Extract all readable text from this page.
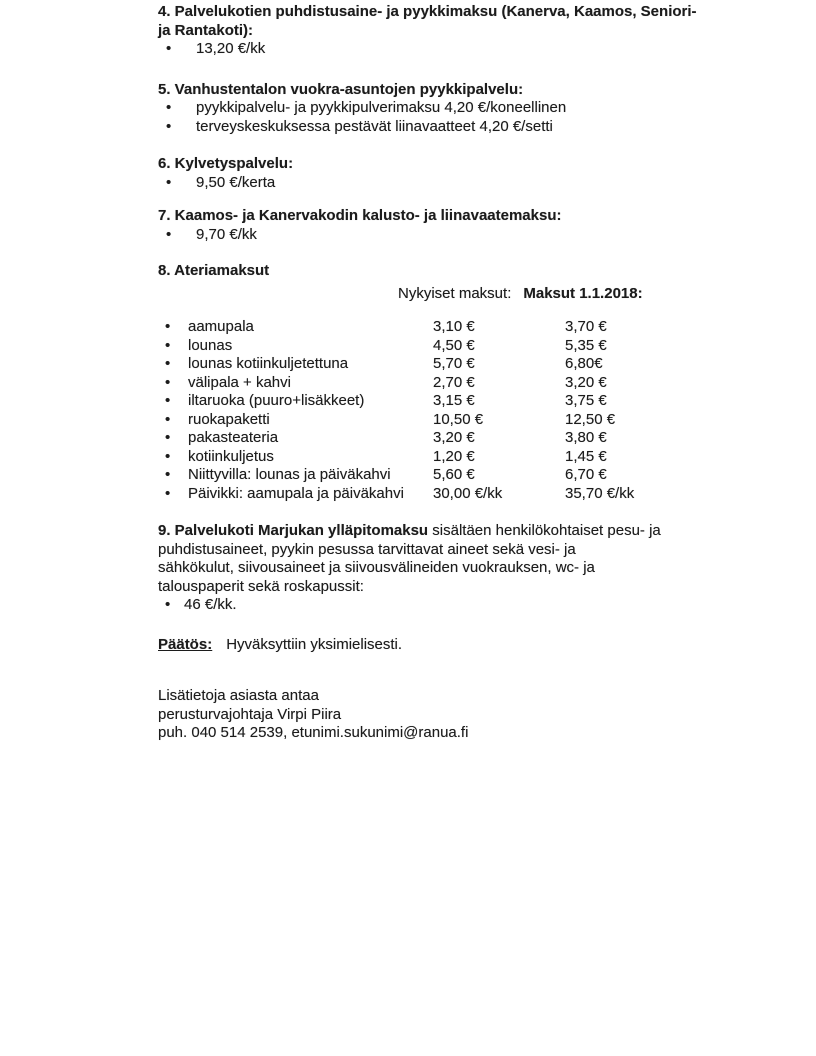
4. Palvelukotien puhdistusaine- ja pyykkimaksu (Kanerva, Kaamos, Seniori-
ja Rantakoti):
•	13,20 €/kk
5. Vanhustentalon vuokra-asuntojen pyykkipalvelu:
•	pyykkipalvelu- ja pyykkipulverimaksu 4,20 €/koneellinen
•	terveyskeskuksessa pestävät liinavaatteet 4,20 €/setti
6. Kylvetyspalvelu:
•	9,50 €/kerta
7. Kaamos- ja Kanervakodin kalusto- ja liinavaatemaksu:
•	9,70 €/kk
8. Ateriamaksut
Nykyiset maksut: Maksut 1.1.2018:
•	aamupala	3,10 €	3,70 €
•	lounas	4,50 €	5,35 €
•	lounas kotiinkuljetettuna	5,70 €	6,80€
•	välipala + kahvi	2,70 €	3,20 €
•	iltaruoka (puuro+lisäkkeet)	3,15 €	3,75 €
•	ruokapaketti	10,50 €	12,50 €
•	pakasteateria	3,20 €	3,80 €
•	kotiinkuljetus	1,20 €	1,45 €
•	Niittyvilla: lounas ja päiväkahvi	5,60 €	6,70 €
•	Päivikki: aamupala ja päiväkahvi	30,00 €/kk	35,70 €/kk
9. Palvelukoti Marjukan ylläpitomaksu sisältäen henkilökohtaiset pesu- ja
puhdistusaineet, pyykin pesussa tarvittavat aineet sekä vesi- ja
sähkökulut, siivousaineet ja siivousvälineiden vuokrauksen, wc- ja
talouspaperit sekä roskapussit:
• 46 €/kk.
Päätös: Hyväksyttiin yksimielisesti.
Lisätietoja asiasta antaa
perusturvajohtaja Virpi Piira
puh. 040 514 2539, etunimi.sukunimi@ranua.fi
